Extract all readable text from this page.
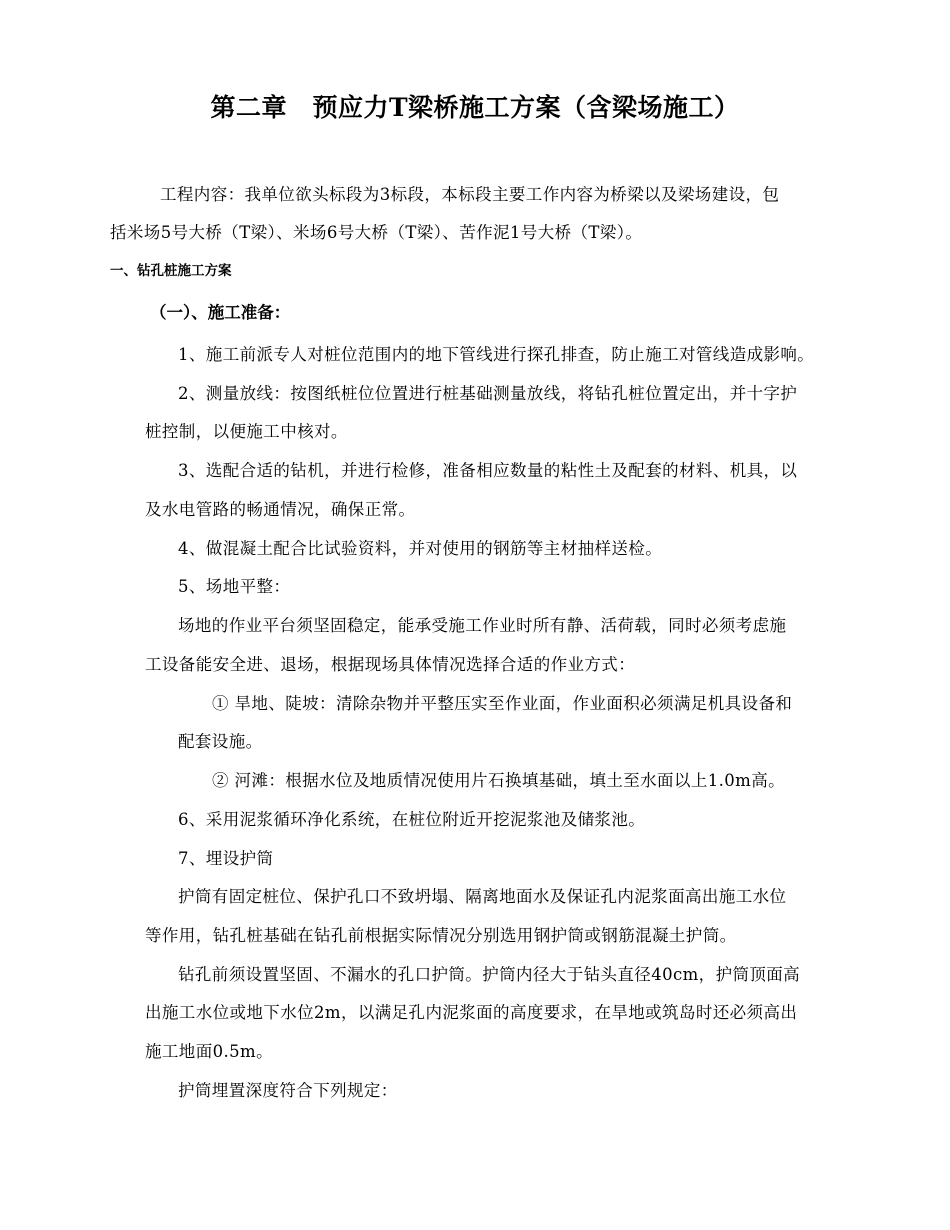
第二章　预应力T梁桥施工方案（含梁场施工）
工程内容：我单位欲头标段为3标段，本标段主要工作内容为桥梁以及梁场建设，包
括米场5号大桥（T梁）、米场6号大桥（T梁）、苦作泥1号大桥（T梁）。
一、钻孔桩施工方案
（一）、施工准备：
1、施工前派专人对桩位范围内的地下管线进行探孔排查，防止施工对管线造成影响。
2、测量放线：按图纸桩位位置进行桩基础测量放线，将钻孔桩位置定出，并十字护
桩控制，以便施工中核对。
3、选配合适的钻机，并进行检修，准备相应数量的粘性土及配套的材料、机具，以
及水电管路的畅通情况，确保正常。
4、做混凝土配合比试验资料，并对使用的钢筋等主材抽样送检。
5、场地平整：
场地的作业平台须坚固稳定，能承受施工作业时所有静、活荷载，同时必须考虑施
工设备能安全进、退场，根据现场具体情况选择合适的作业方式：
① 旱地、陡坡：清除杂物并平整压实至作业面，作业面积必须满足机具设备和
配套设施。
② 河滩：根据水位及地质情况使用片石换填基础，填土至水面以上1.0m高。
6、采用泥浆循环净化系统，在桩位附近开挖泥浆池及储浆池。
7、埋设护筒
护筒有固定桩位、保护孔口不致坍塌、隔离地面水及保证孔内泥浆面高出施工水位
等作用，钻孔桩基础在钻孔前根据实际情况分别选用钢护筒或钢筋混凝土护筒。
钻孔前须设置坚固、不漏水的孔口护筒。护筒内径大于钻头直径40cm，护筒顶面高
出施工水位或地下水位2m，以满足孔内泥浆面的高度要求，在旱地或筑岛时还必须高出
施工地面0.5m。
护筒埋置深度符合下列规定：
